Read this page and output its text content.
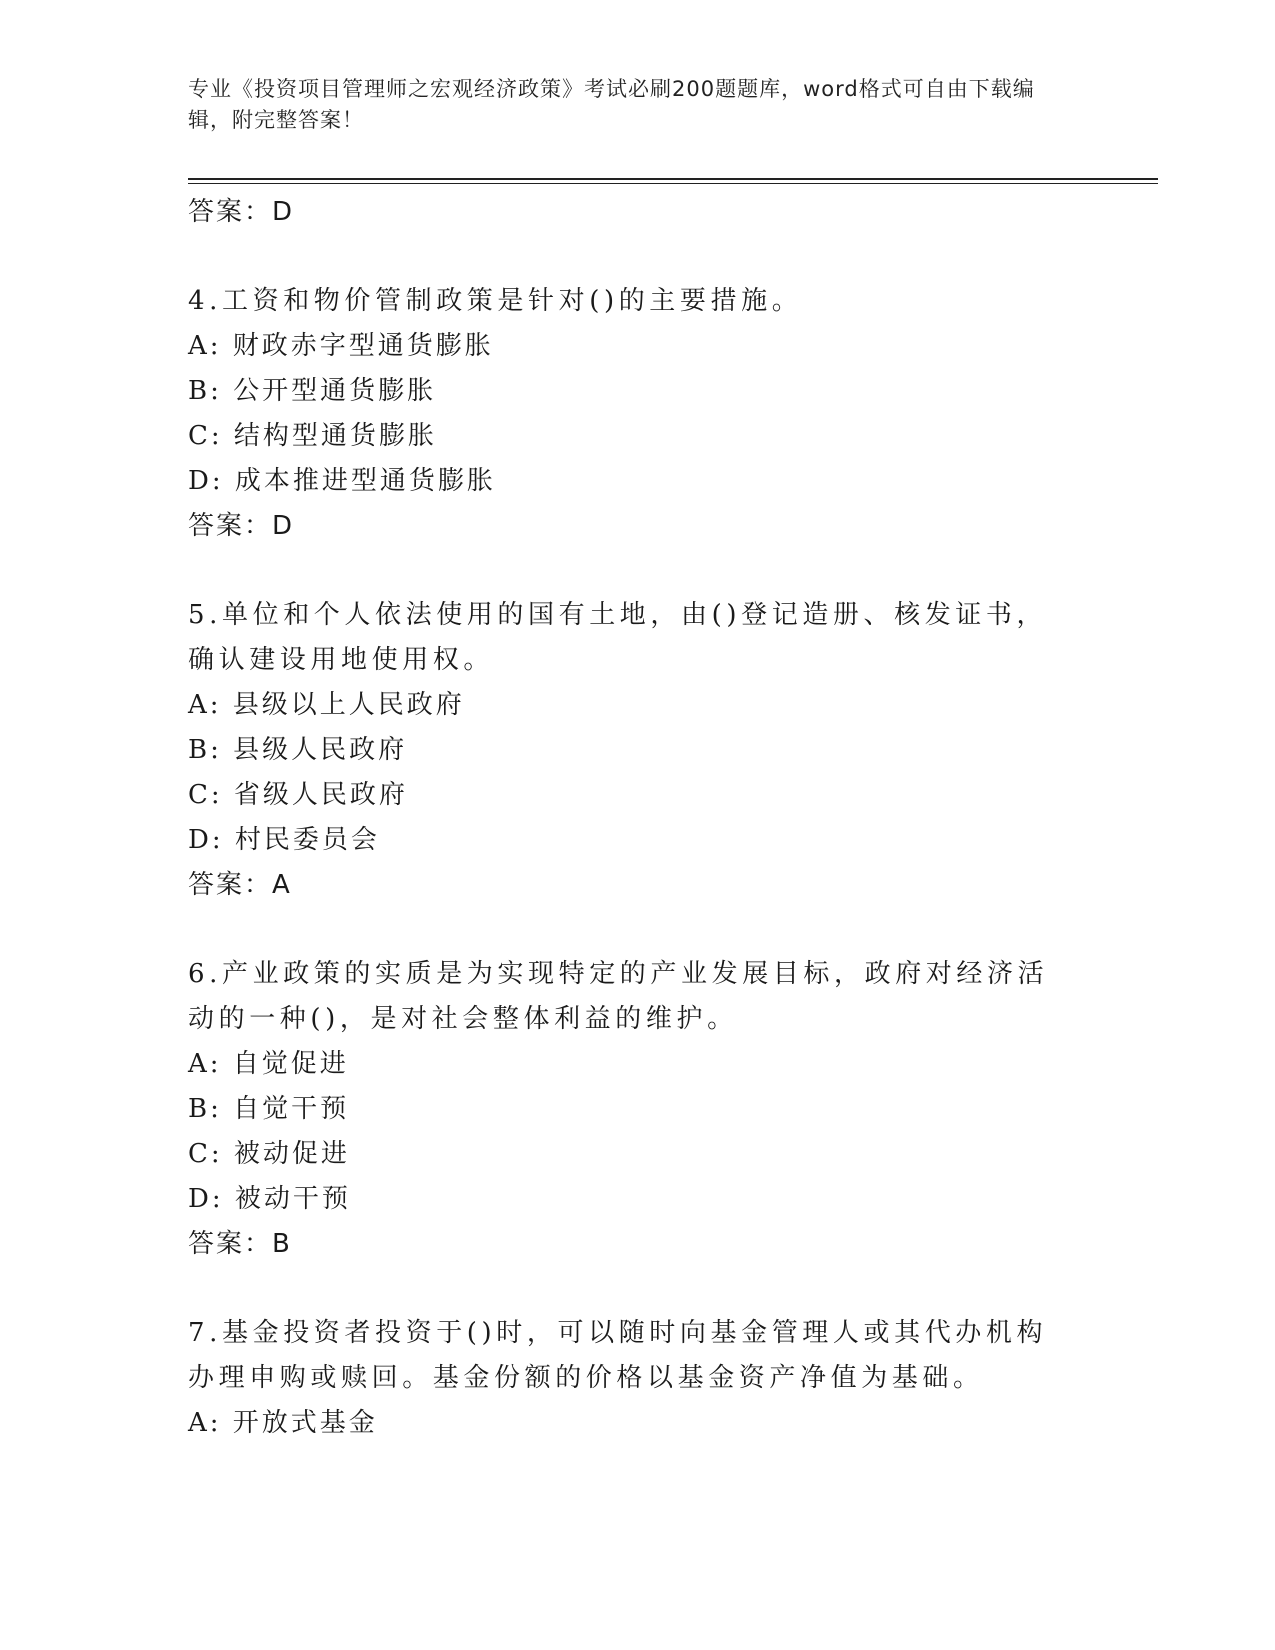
专业《投资项目管理师之宏观经济政策》考试必刷200题题库，word格式可自由下载编辑，附完整答案！
答案：D
4.工资和物价管制政策是针对()的主要措施。
A: 财政赤字型通货膨胀
B: 公开型通货膨胀
C: 结构型通货膨胀
D: 成本推进型通货膨胀
答案：D
5.单位和个人依法使用的国有土地，由()登记造册、核发证书，确认建设用地使用权。
A: 县级以上人民政府
B: 县级人民政府
C: 省级人民政府
D: 村民委员会
答案：A
6.产业政策的实质是为实现特定的产业发展目标，政府对经济活动的一种()，是对社会整体利益的维护。
A: 自觉促进
B: 自觉干预
C: 被动促进
D: 被动干预
答案：B
7.基金投资者投资于()时，可以随时向基金管理人或其代办机构办理申购或赎回。基金份额的价格以基金资产净值为基础。
A: 开放式基金
